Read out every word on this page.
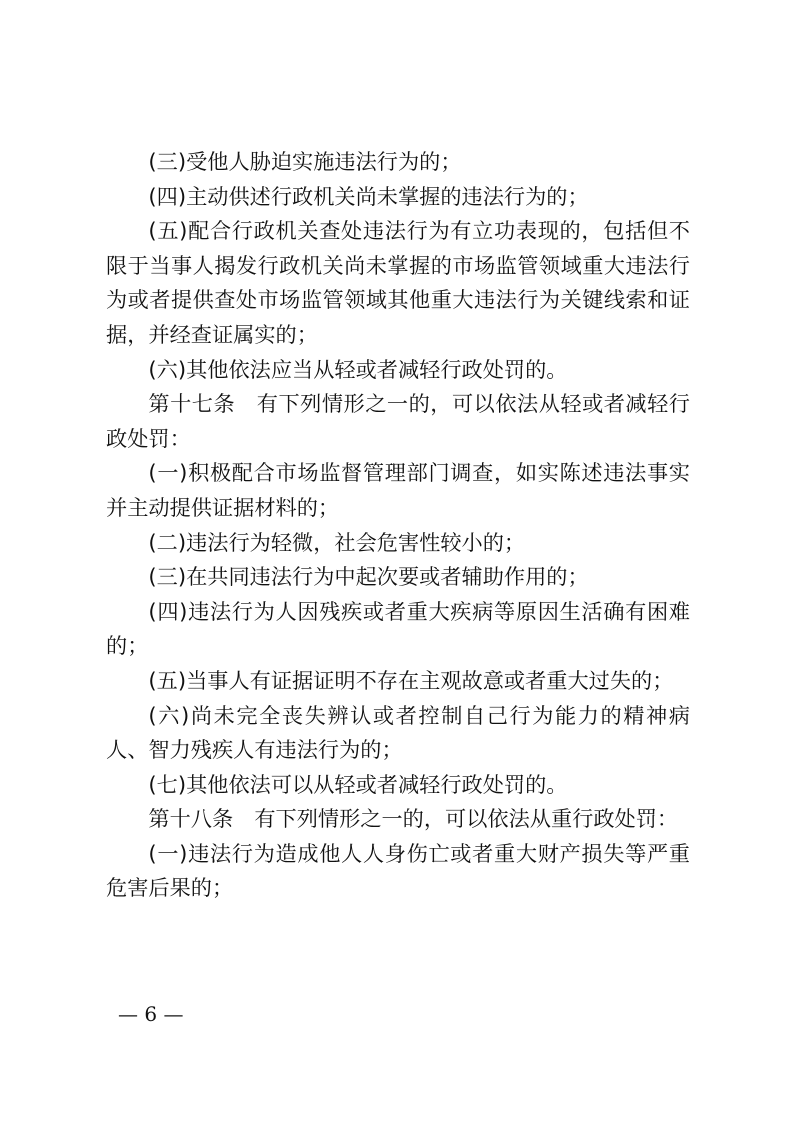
(三)受他人胁迫实施违法行为的；

(四)主动供述行政机关尚未掌握的违法行为的；

(五)配合行政机关查处违法行为有立功表现的，包括但不限于当事人揭发行政机关尚未掌握的市场监管领域重大违法行为或者提供查处市场监管领域其他重大违法行为关键线索和证据，并经查证属实的；

(六)其他依法应当从轻或者减轻行政处罚的。

第十七条　有下列情形之一的，可以依法从轻或者减轻行政处罚：

(一)积极配合市场监督管理部门调查，如实陈述违法事实并主动提供证据材料的；

(二)违法行为轻微，社会危害性较小的；

(三)在共同违法行为中起次要或者辅助作用的；

(四)违法行为人因残疾或者重大疾病等原因生活确有困难的；

(五)当事人有证据证明不存在主观故意或者重大过失的；

(六)尚未完全丧失辨认或者控制自己行为能力的精神病人、智力残疾人有违法行为的；

(七)其他依法可以从轻或者减轻行政处罚的。

第十八条　有下列情形之一的，可以依法从重行政处罚：

(一)违法行为造成他人人身伤亡或者重大财产损失等严重危害后果的；

— 6 —
